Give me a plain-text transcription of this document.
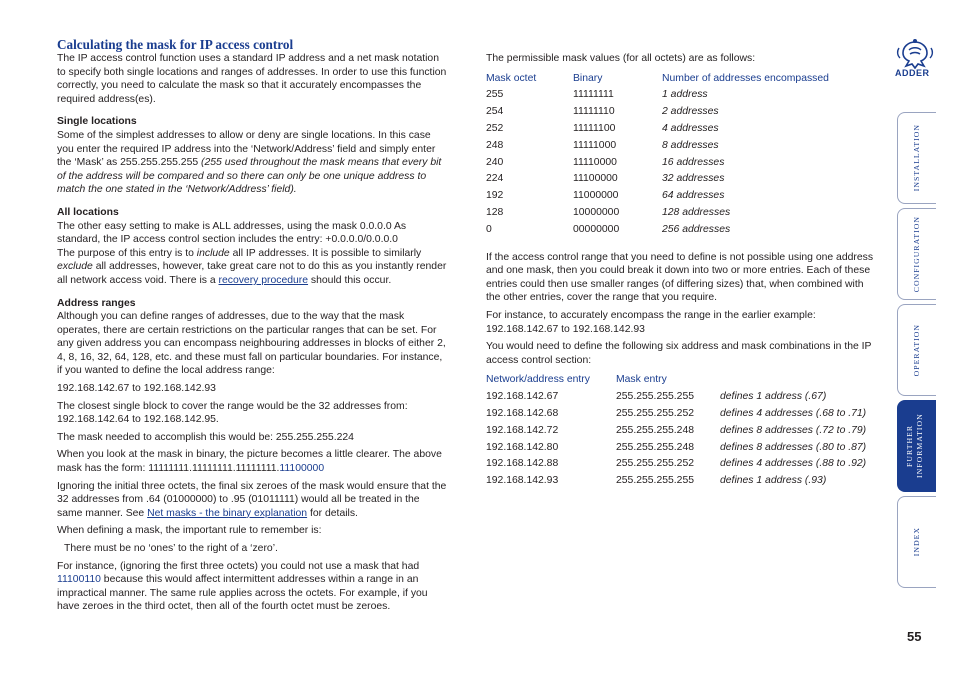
ADDER
Calculating the mask for IP access control

The IP access control function uses a standard IP address and a net mask notation to specify both single locations and ranges of addresses. In order to use this function correctly, you need to calculate the mask so that it accurately encompasses the required address(es).

Single locations

Some of the simplest addresses to allow or deny are single locations. In this case you enter the required IP address into the ‘Network/Address’ field and simply enter the ‘Mask’ as 255.255.255.255 (255 used throughout the mask means that every bit of the address will be compared and so there can only be one unique address to match the one stated in the ‘Network/Address’ field).

All locations

The other easy setting to make is ALL addresses, using the mask 0.0.0.0 As standard, the IP access control section includes the entry: +0.0.0.0/0.0.0.0
The purpose of this entry is to include all IP addresses. It is possible to similarly exclude all addresses, however, take great care not to do this as you instantly render all network access void. There is a recovery procedure should this occur.

Address ranges

Although you can define ranges of addresses, due to the way that the mask operates, there are certain restrictions on the particular ranges that can be set. For any given address you can encompass neighbouring addresses in blocks of either 2, 4, 8, 16, 32, 64, 128, etc. and these must fall on particular boundaries. For instance, if you wanted to define the local address range:

192.168.142.67 to 192.168.142.93

The closest single block to cover the range would be the 32 addresses from:

192.168.142.64 to 192.168.142.95.

The mask needed to accomplish this would be: 255.255.255.224

When you look at the mask in binary, the picture becomes a little clearer. The above mask has the form: 11111111.11111111.11111111.11100000

Ignoring the initial three octets, the final six zeroes of the mask would ensure that the 32 addresses from .64 (01000000) to .95 (01011111) would all be treated in the same manner. See Net masks - the binary explanation for details.

When defining a mask, the important rule to remember is:

There must be no ‘ones’ to the right of a ‘zero’.

For instance, (ignoring the first three octets) you could not use a mask that had 11100110 because this would affect intermittent addresses within a range in an impractical manner. The same rule applies across the octets. For example, if you have zeroes in the third octet, then all of the fourth octet must be zeroes.

The permissible mask values (for all octets) are as follows:

Mask octet	Binary	Number of addresses encompassed
255	11111111	1 address
254	11111110	2 addresses
252	11111100	4 addresses
248	11111000	8 addresses
240	11110000	16 addresses
224	11100000	32 addresses
192	11000000	64 addresses
128	10000000	128 addresses
0	00000000	256 addresses

If the access control range that you need to define is not possible using one address and one mask, then you could break it down into two or more entries. Each of these entries could then use smaller ranges (of differing sizes) that, when combined with the other entries, cover the range that you require.

For instance, to accurately encompass the range in the earlier example:

192.168.142.67 to 192.168.142.93

You would need to define the following six address and mask combinations in the IP access control section:

Network/address entry	Mask entry	
192.168.142.67	255.255.255.255	defines 1 address (.67)
192.168.142.68	255.255.255.252	defines 4 addresses (.68 to .71)
192.168.142.72	255.255.255.248	defines 8 addresses (.72 to .79)
192.168.142.80	255.255.255.248	defines 8 addresses (.80 to .87)
192.168.142.88	255.255.255.252	defines 4 addresses (.88 to .92)
192.168.142.93	255.255.255.255	defines 1 address (.93)
INSTALLATION
CONFIGURATION
OPERATION
FURTHER INFORMATION
INDEX
55
